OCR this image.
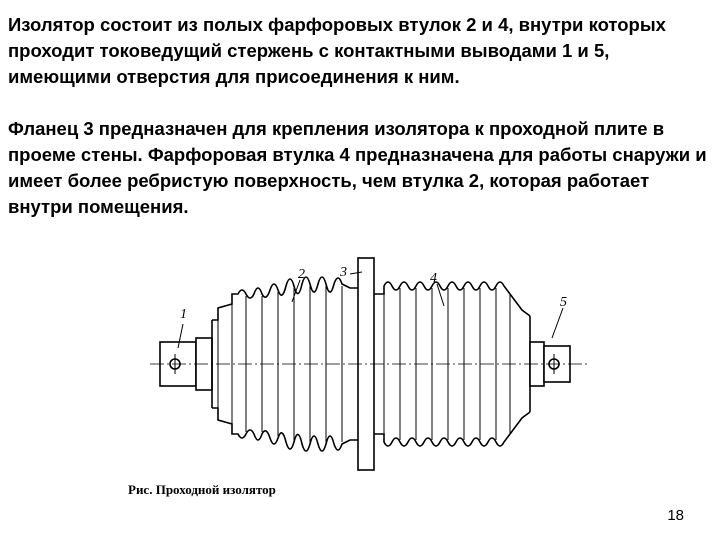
Изолятор состоит из полых фарфоровых втулок 2 и 4, внутри которых проходит токоведущий стержень с контактными выводами 1 и 5, имеющими отверстия для присоединения к ним.

Фланец 3 предназначен для крепления изолятора к проходной плите в проеме стены. Фарфоровая втулка 4 предназначена для работы снаружи и имеет более ребристую поверхность, чем втулка 2, которая работает внутри помещения.

1
2	3	4
5
Рис. Проходной изолятор
18
